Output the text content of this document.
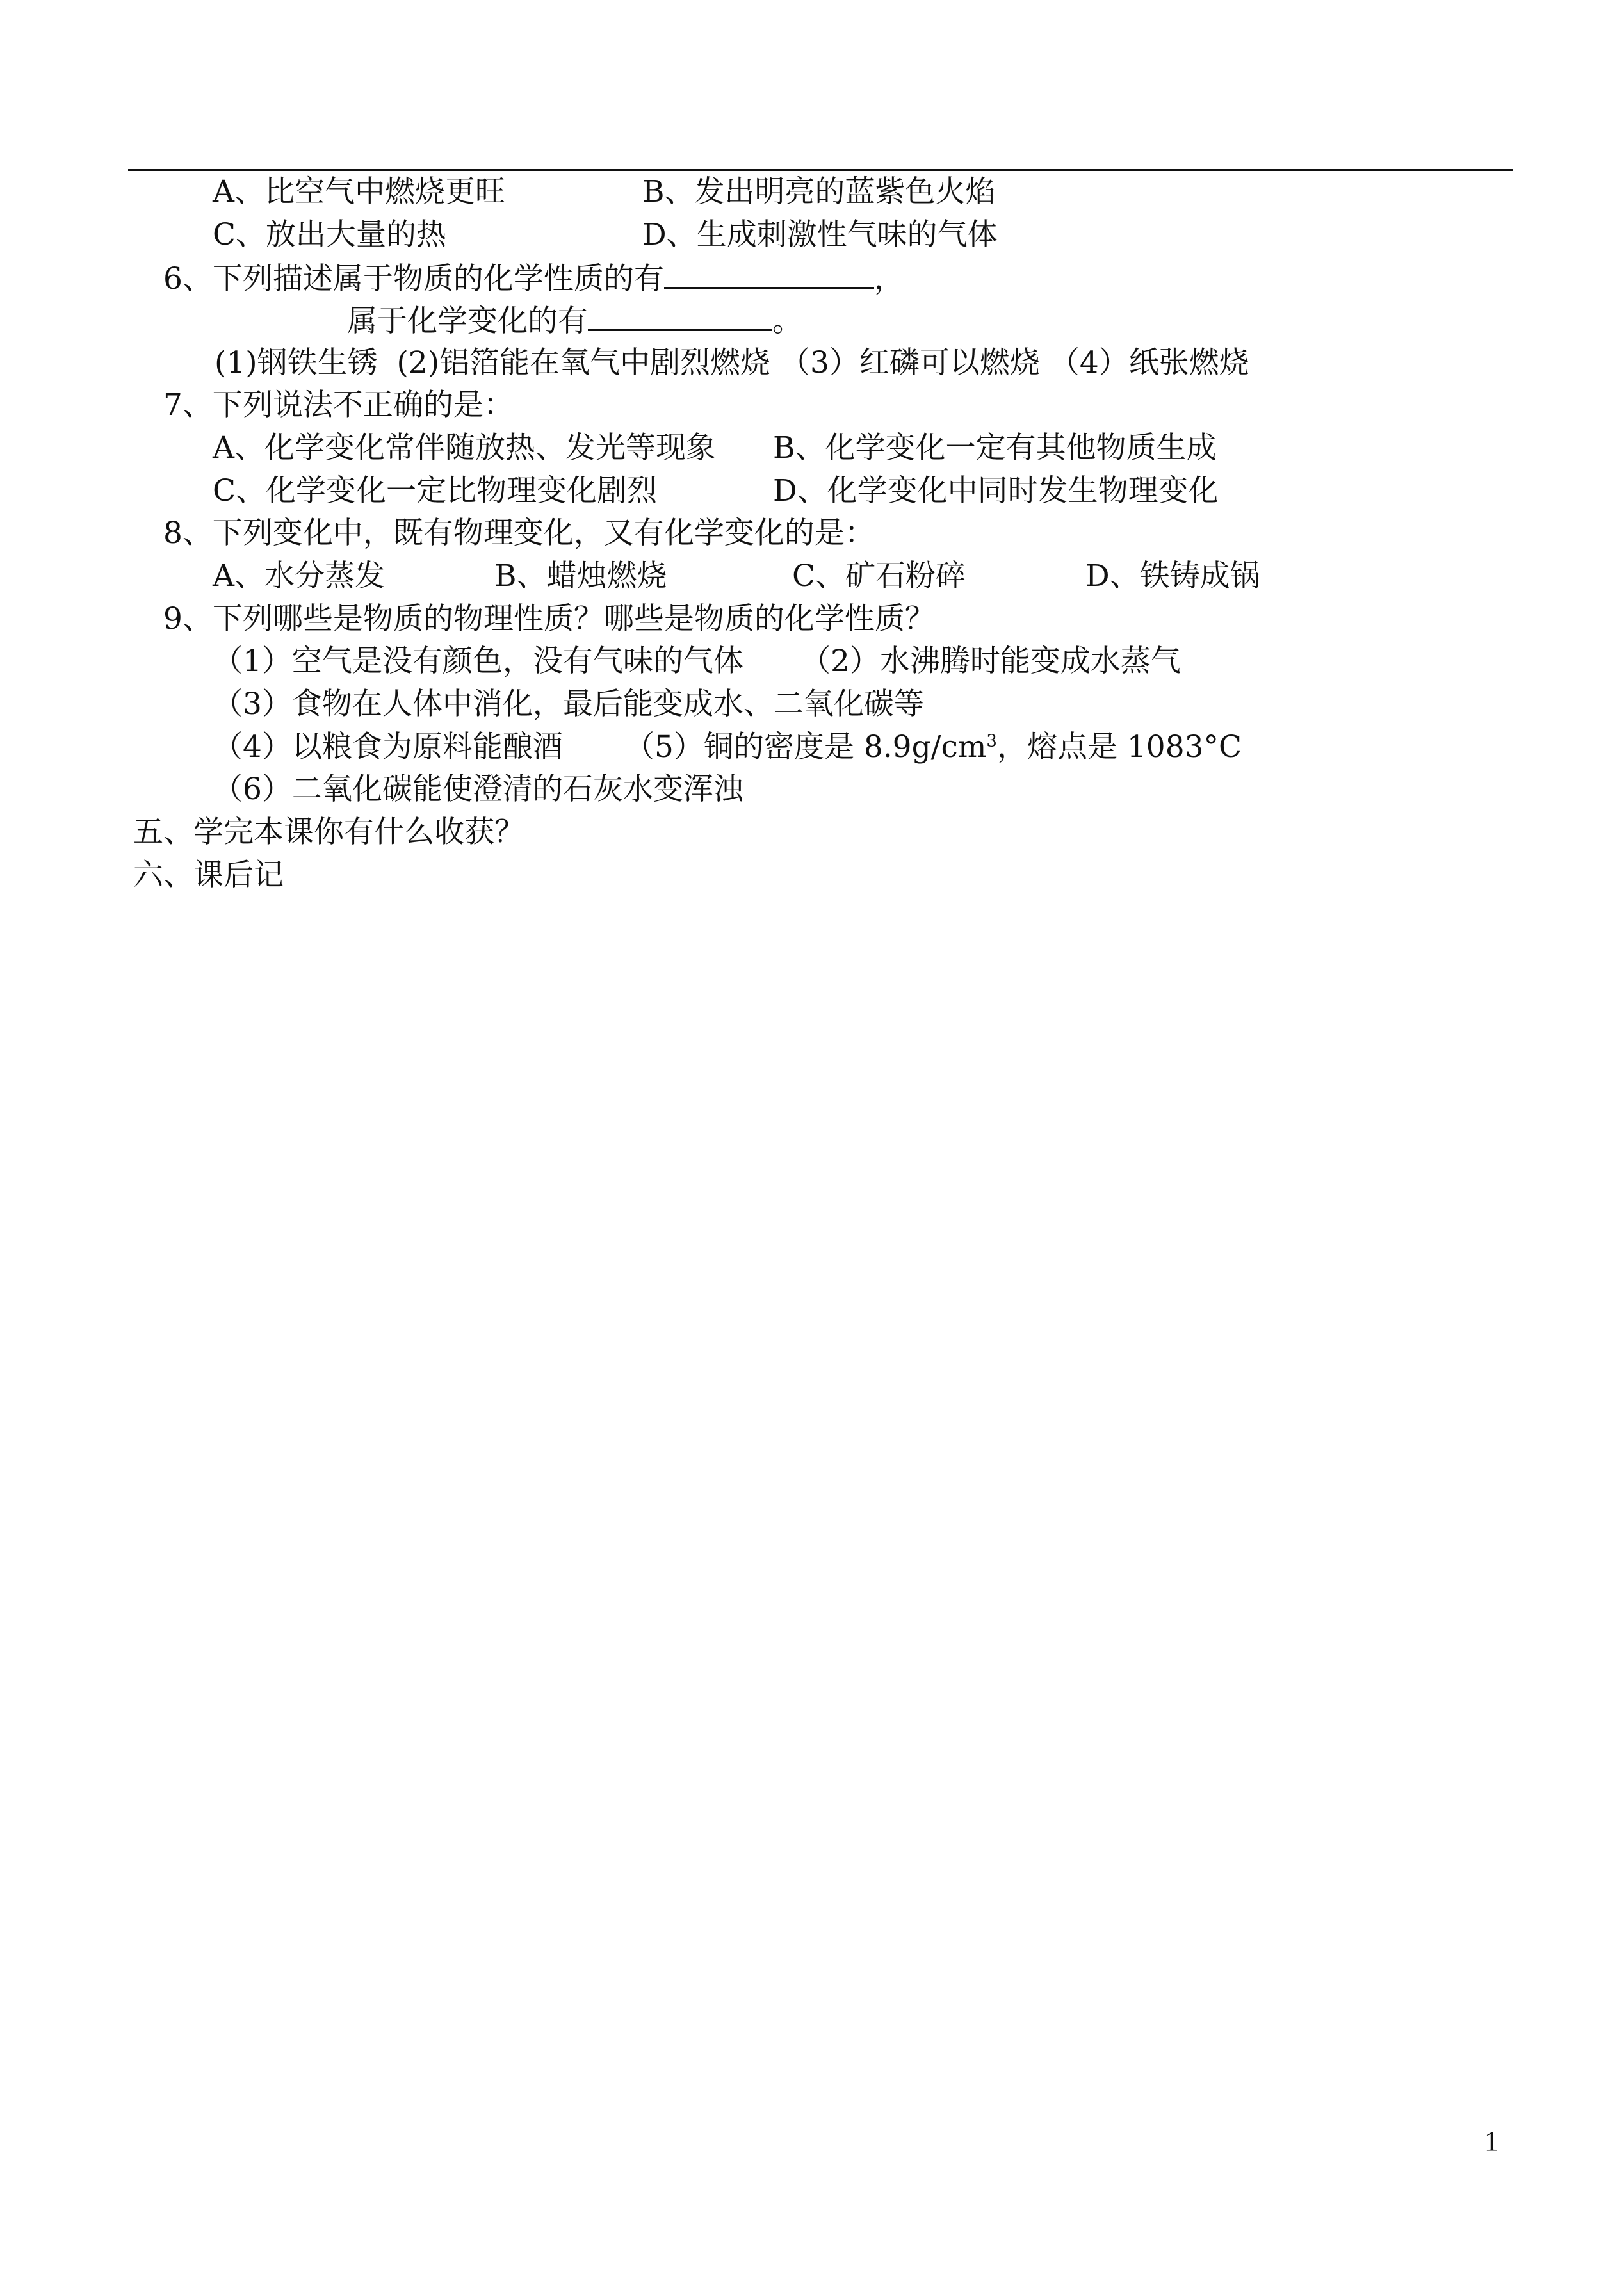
A、比空气中燃烧更旺	B、发出明亮的蓝紫色火焰
C、放出大量的热	D、生成刺激性气味的气体
6、下列描述属于物质的化学性质的有	，
属于化学变化的有	。
(1)钢铁生锈  (2)铝箔能在氧气中剧烈燃烧 （3）红磷可以燃烧 （4）纸张燃烧
7、下列说法不正确的是：
A、化学变化常伴随放热、发光等现象 B、化学变化一定有其他物质生成
C、化学变化一定比物理变化剧烈	D、化学变化中同时发生物理变化
8、下列变化中，既有物理变化，又有化学变化的是：
A、水分蒸发	B、蜡烛燃烧	C、矿石粉碎	D、铁铸成锅
9、下列哪些是物质的物理性质？哪些是物质的化学性质？
（1）空气是没有颜色，没有气味的气体 （2）水沸腾时能变成水蒸气
（3）食物在人体中消化，最后能变成水、二氧化碳等
（4）以粮食为原料能酿酒 （5）铜的密度是 $8.9g/cm^3$，熔点是 1083°C
（6）二氧化碳能使澄清的石灰水变浑浊
五、学完本课你有什么收获？
六、课后记
1
